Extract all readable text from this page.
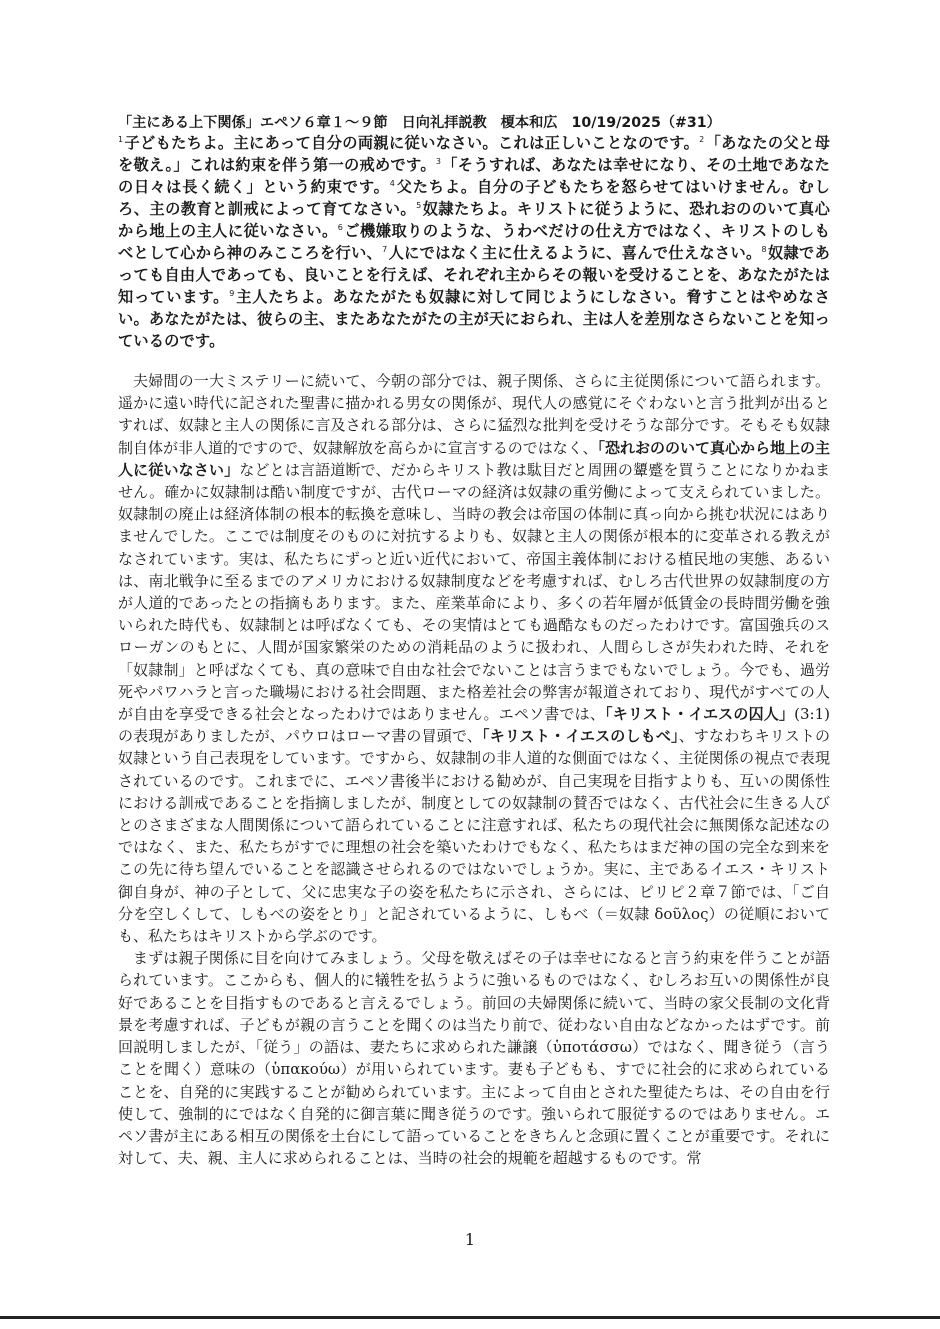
「主にある上下関係」エペソ６章１〜９節 日向礼拝説教 榎本和広 10/19/2025（#31）
$^1$子どもたちよ。主にあって自分の両親に従いなさい。これは正しいことなのです。$^2$「あなたの父と母を敬え。」これは約束を伴う第一の戒めです。$^3$「そうすれば、あなたは幸せになり、その土地であなたの日々は長く続く」という約束です。$^4$父たちよ。自分の子どもたちを怒らせてはいけません。むしろ、主の教育と訓戒によって育てなさい。$^5$奴隷たちよ。キリストに従うように、恐れおののいて真心から地上の主人に従いなさい。$^6$ご機嫌取りのような、うわべだけの仕え方ではなく、キリストのしもべとして心から神のみこころを行い、$^7$人にではなく主に仕えるように、喜んで仕えなさい。$^8$奴隷であっても自由人であっても、良いことを行えば、それぞれ主からその報いを受けることを、あなたがたは知っています。$^9$主人たちよ。あなたがたも奴隷に対して同じようにしなさい。脅すことはやめなさい。あなたがたは、彼らの主、またあなたがたの主が天におられ、主は人を差別なさらないことを知っているのです。

夫婦間の一大ミステリーに続いて、今朝の部分では、親子関係、さらに主従関係について語られます。遥かに遠い時代に記された聖書に描かれる男女の関係が、現代人の感覚にそぐわないと言う批判が出るとすれば、奴隷と主人の関係に言及される部分は、さらに猛烈な批判を受けそうな部分です。そもそも奴隷制自体が非人道的ですので、奴隷解放を高らかに宣言するのではなく、「恐れおののいて真心から地上の主人に従いなさい」などとは言語道断で、だからキリスト教は駄目だと周囲の顰蹙を買うことになりかねません。確かに奴隷制は酷い制度ですが、古代ローマの経済は奴隷の重労働によって支えられていました。奴隷制の廃止は経済体制の根本的転換を意味し、当時の教会は帝国の体制に真っ向から挑む状況にはありませんでした。ここでは制度そのものに対抗するよりも、奴隷と主人の関係が根本的に変革される教えがなされています。実は、私たちにずっと近い近代において、帝国主義体制における植民地の実態、あるいは、南北戦争に至るまでのアメリカにおける奴隷制度などを考慮すれば、むしろ古代世界の奴隷制度の方が人道的であったとの指摘もあります。また、産業革命により、多くの若年層が低賃金の長時間労働を強いられた時代も、奴隷制とは呼ばなくても、その実情はとても過酷なものだったわけです。富国強兵のスローガンのもとに、人間が国家繁栄のための消耗品のように扱われ、人間らしさが失われた時、それを「奴隷制」と呼ばなくても、真の意味で自由な社会でないことは言うまでもないでしょう。今でも、過労死やパワハラと言った職場における社会問題、また格差社会の弊害が報道されており、現代がすべての人が自由を享受できる社会となったわけではありません。エペソ書では、「キリスト・イエスの囚人」(3:1)の表現がありましたが、パウロはローマ書の冒頭で、「キリスト・イエスのしもべ」、すなわちキリストの奴隷という自己表現をしています。ですから、奴隷制の非人道的な側面ではなく、主従関係の視点で表現されているのです。これまでに、エペソ書後半における勧めが、自己実現を目指すよりも、互いの関係性における訓戒であることを指摘しましたが、制度としての奴隷制の賛否ではなく、古代社会に生きる人びとのさまざまな人間関係について語られていることに注意すれば、私たちの現代社会に無関係な記述なのではなく、また、私たちがすでに理想の社会を築いたわけでもなく、私たちはまだ神の国の完全な到来をこの先に待ち望んでいることを認識させられるのではないでしょうか。実に、主であるイエス・キリスト御自身が、神の子として、父に忠実な子の姿を私たちに示され、さらには、ピリピ２章７節では、「ご自分を空しくして、しもべの姿をとり」と記されているように、しもべ（＝奴隷 δοῦλος）の従順においても、私たちはキリストから学ぶのです。

まずは親子関係に目を向けてみましょう。父母を敬えばその子は幸せになると言う約束を伴うことが語られています。ここからも、個人的に犠牲を払うように強いるものではなく、むしろお互いの関係性が良好であることを目指すものであると言えるでしょう。前回の夫婦関係に続いて、当時の家父長制の文化背景を考慮すれば、子どもが親の言うことを聞くのは当たり前で、従わない自由などなかったはずです。前回説明しましたが、「従う」の語は、妻たちに求められた謙譲（ὑποτάσσω）ではなく、聞き従う（言うことを聞く）意味の（ὑπακούω）が用いられています。妻も子どもも、すでに社会的に求められていることを、自発的に実践することが勧められています。主によって自由とされた聖徒たちは、その自由を行使して、強制的にではなく自発的に御言葉に聞き従うのです。強いられて服従するのではありません。エペソ書が主にある相互の関係を土台にして語っていることをきちんと念頭に置くことが重要です。それに対して、夫、親、主人に求められることは、当時の社会的規範を超越するものです。常

1
